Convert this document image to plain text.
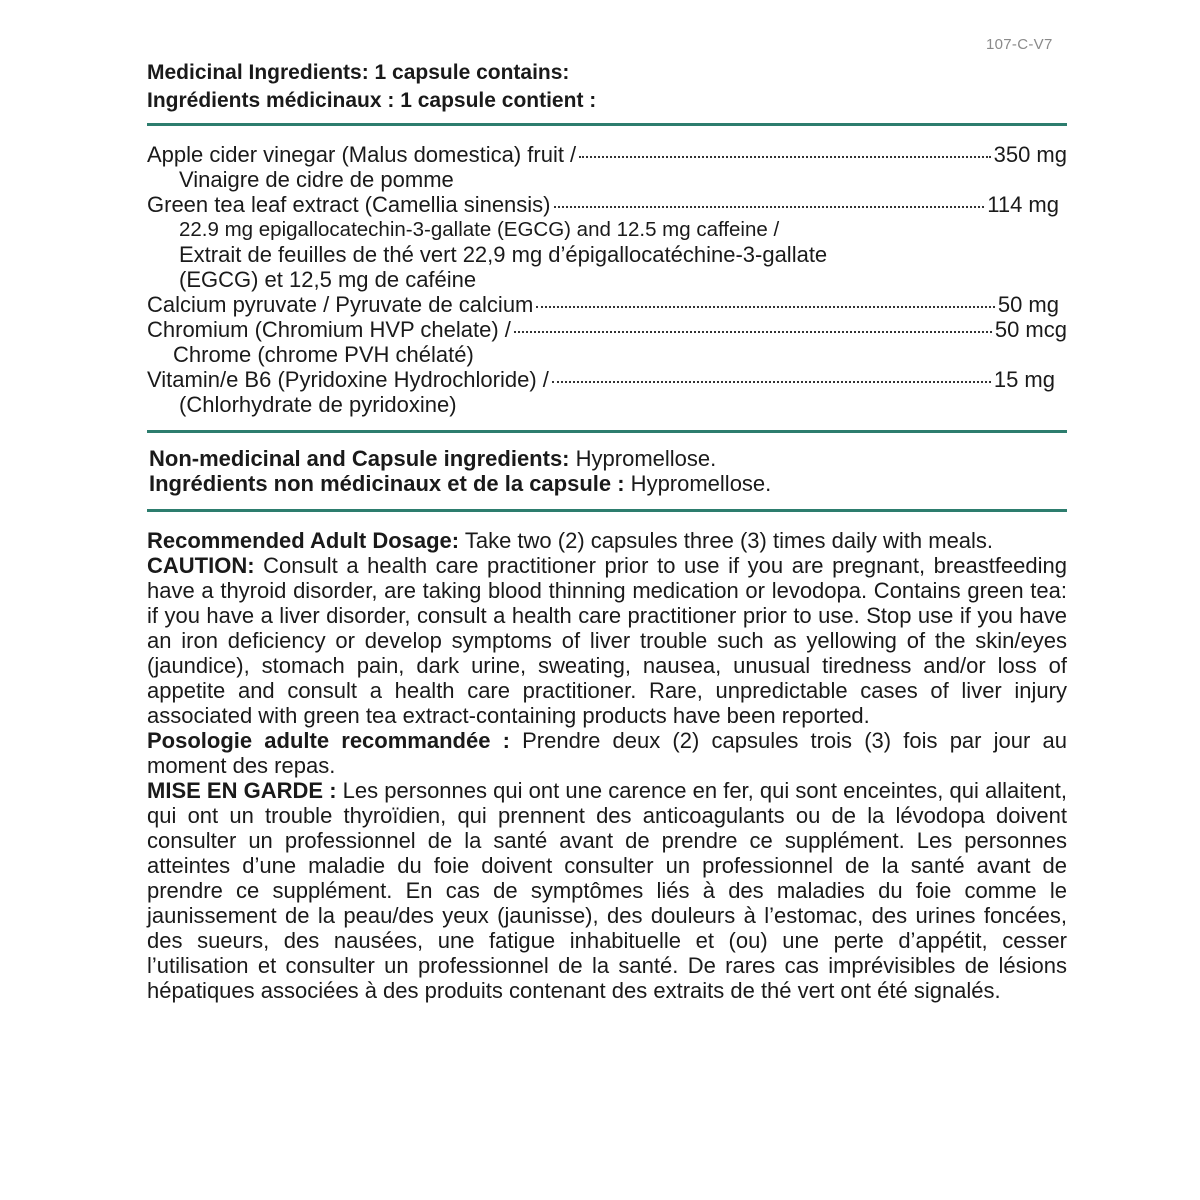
107-C-V7
Medicinal Ingredients: 1 capsule contains:
Ingrédients médicinaux : 1 capsule contient :
Apple cider vinegar (Malus domestica) fruit /	350 mg
Vinaigre de cidre de pomme
Green tea leaf extract (Camellia sinensis)	114 mg
22.9 mg epigallocatechin-3-gallate (EGCG) and 12.5 mg caffeine /
Extrait de feuilles de thé vert 22,9 mg d’épigallocatéchine-3-gallate
(EGCG) et 12,5 mg de caféine
Calcium pyruvate / Pyruvate de calcium	50 mg
Chromium (Chromium HVP chelate) /	50 mcg
Chrome (chrome PVH chélaté)
Vitamin/e B6 (Pyridoxine Hydrochloride) /	15 mg
(Chlorhydrate de pyridoxine)
Non-medicinal and Capsule ingredients: Hypromellose.
Ingrédients non médicinaux et de la capsule : Hypromellose.

Recommended Adult Dosage: Take two (2) capsules three (3) times daily with meals.

CAUTION: Consult a health care practitioner prior to use if you are pregnant, breastfeeding have a thyroid disorder, are taking blood thinning medication or levodopa. Contains green tea: if you have a liver disorder, consult a health care practitioner prior to use. Stop use if you have an iron deficiency or develop symptoms of liver trouble such as yellowing of the skin/eyes (jaundice), stomach pain, dark urine, sweating, nausea, unusual tiredness and/or loss of appetite and consult a health care practitioner. Rare, unpredictable cases of liver injury associated with green tea extract-containing products have been reported.

Posologie adulte recommandée : Prendre deux (2) capsules trois (3) fois par jour au moment des repas.

MISE EN GARDE : Les personnes qui ont une carence en fer, qui sont enceintes, qui allaitent, qui ont un trouble thyroïdien, qui prennent des anticoagulants ou de la lévodopa doivent consulter un professionnel de la santé avant de prendre ce supplément. Les personnes atteintes d’une maladie du foie doivent consulter un professionnel de la santé avant de prendre ce supplément. En cas de symptômes liés à des maladies du foie comme le jaunissement de la peau/des yeux (jaunisse), des douleurs à l’estomac, des urines foncées, des sueurs, des nausées, une fatigue inhabituelle et (ou) une perte d’appétit, cesser l’utilisation et consulter un professionnel de la santé. De rares cas imprévisibles de lésions hépatiques associées à des produits contenant des extraits de thé vert ont été signalés.
